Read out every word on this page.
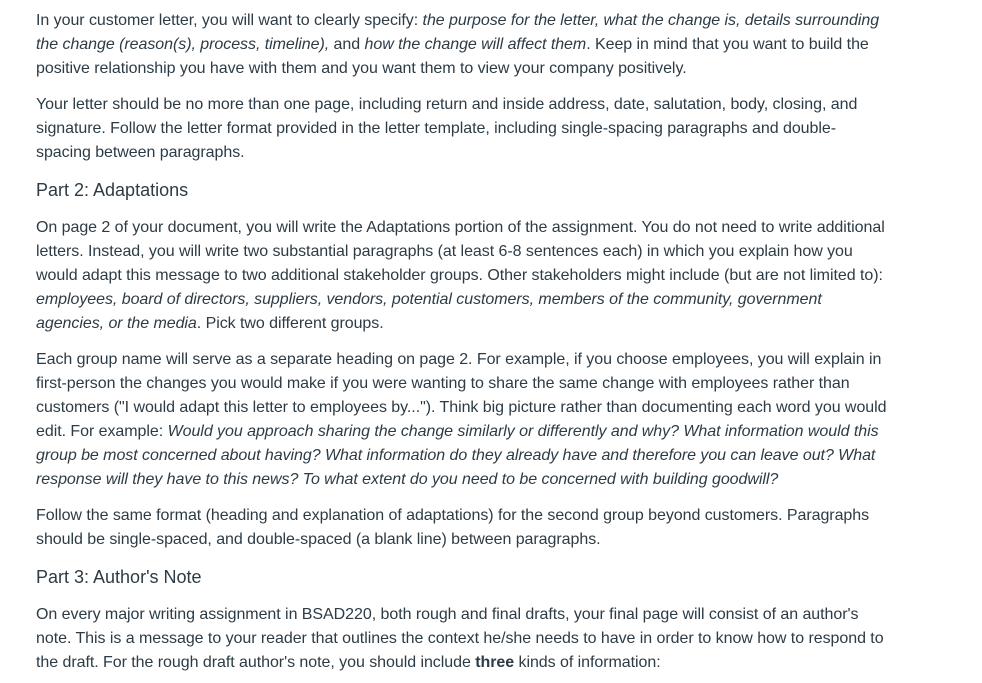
In your customer letter, you will want to clearly specify: the purpose for the letter, what the change is, details surrounding the change (reason(s), process, timeline), and how the change will affect them. Keep in mind that you want to build the positive relationship you have with them and you want them to view your company positively.

Your letter should be no more than one page, including return and inside address, date, salutation, body, closing, and signature. Follow the letter format provided in the letter template, including single-spacing paragraphs and double-spacing between paragraphs.

Part 2: Adaptations

On page 2 of your document, you will write the Adaptations portion of the assignment. You do not need to write additional letters. Instead, you will write two substantial paragraphs (at least 6-8 sentences each) in which you explain how you would adapt this message to two additional stakeholder groups. Other stakeholders might include (but are not limited to): employees, board of directors, suppliers, vendors, potential customers, members of the community, government agencies, or the media. Pick two different groups.

Each group name will serve as a separate heading on page 2. For example, if you choose employees, you will explain in first-person the changes you would make if you were wanting to share the same change with employees rather than customers ("I would adapt this letter to employees by..."). Think big picture rather than documenting each word you would edit. For example: Would you approach sharing the change similarly or differently and why? What information would this group be most concerned about having? What information do they already have and therefore you can leave out? What response will they have to this news? To what extent do you need to be concerned with building goodwill?

Follow the same format (heading and explanation of adaptations) for the second group beyond customers. Paragraphs should be single-spaced, and double-spaced (a blank line) between paragraphs.

Part 3: Author's Note

On every major writing assignment in BSAD220, both rough and final drafts, your final page will consist of an author's note. This is a message to your reader that outlines the context he/she needs to have in order to know how to respond to the draft. For the rough draft author's note, you should include three kinds of information:
